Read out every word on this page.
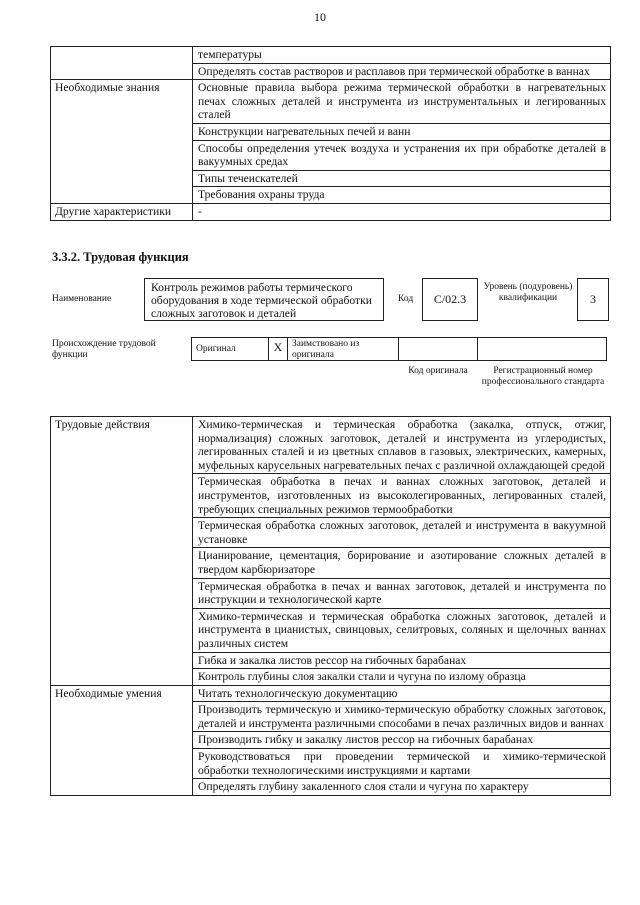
10
	температуры
	Определять состав растворов и расплавов при термической обработке в ваннах
Необходимые знания	Основные правила выбора режима термической обработки в нагревательных печах сложных деталей и инструмента из инструментальных и легированных сталей
	Конструкции нагревательных печей и ванн
	Способы определения утечек воздуха и устранения их при обработке деталей в вакуумных средах
	Типы течеискателей
	Требования охраны труда
Другие характеристики	-
3.3.2. Трудовая функция
Наименование
Контроль режимов работы термического оборудования в ходе термической обработки сложных заготовок и деталей
Код	C/02.3
Уровень (подуровень) квалификации	3
Происхождение трудовой функции
Оригинал	X	Заимствовано из оригинала
Код оригинала	Регистрационный номер профессионального стандарта
Трудовые действия	Химико-термическая и термическая обработка (закалка, отпуск, отжиг, нормализация) сложных заготовок, деталей и инструмента из углеродистых, легированных сталей и из цветных сплавов в газовых, электрических, камерных, муфельных карусельных нагревательных печах с различной охлаждающей средой
	Термическая обработка в печах и ваннах сложных заготовок, деталей и инструментов, изготовленных из высоколегированных, легированных сталей, требующих специальных режимов термообработки
	Термическая обработка сложных заготовок, деталей и инструмента в вакуумной установке
	Цианирование, цементация, борирование и азотирование сложных деталей в твердом карбюризаторе
	Термическая обработка в печах и ваннах заготовок, деталей и инструмента по инструкции и технологической карте
	Химико-термическая и термическая обработка сложных заготовок, деталей и инструмента в цианистых, свинцовых, селитровых, соляных и щелочных ваннах различных систем
	Гибка и закалка листов рессор на гибочных барабанах
	Контроль глубины слоя закалки стали и чугуна по излому образца
Необходимые умения	Читать технологическую документацию
	Производить термическую и химико-термическую обработку сложных заготовок, деталей и инструмента различными способами в печах различных видов и ваннах
	Производить гибку и закалку листов рессор на гибочных барабанах
	Руководствоваться при проведении термической и химико-термической обработки технологическими инструкциями и картами
	Определять глубину закаленного слоя стали и чугуна по характеру
